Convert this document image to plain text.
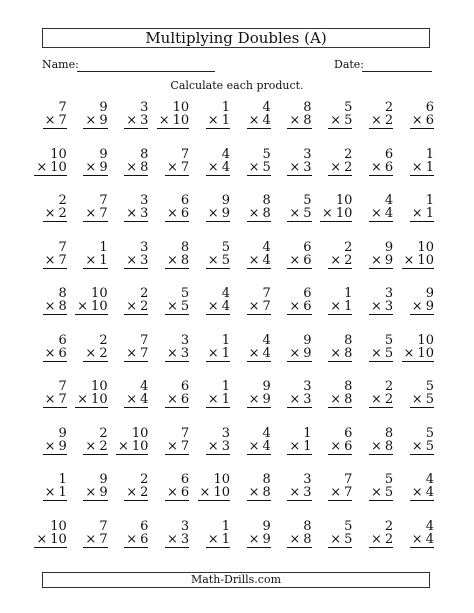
Multiplying Doubles (A)
Name:	Date:
Calculate each product.
7
× 7
9
× 9
3
× 3
10
× 10
1
× 1
4
× 4
8
× 8
5
× 5
2
× 2
6
× 6
10
× 10
9
× 9
8
× 8
7
× 7
4
× 4
5
× 5
3
× 3
2
× 2
6
× 6
1
× 1
2
× 2
7
× 7
3
× 3
6
× 6
9
× 9
8
× 8
5
× 5
10
× 10
4
× 4
1
× 1
7
× 7
1
× 1
3
× 3
8
× 8
5
× 5
4
× 4
6
× 6
2
× 2
9
× 9
10
× 10
8
× 8
10
× 10
2
× 2
5
× 5
4
× 4
7
× 7
6
× 6
1
× 1
3
× 3
9
× 9
6
× 6
2
× 2
7
× 7
3
× 3
1
× 1
4
× 4
9
× 9
8
× 8
5
× 5
10
× 10
7
× 7
10
× 10
4
× 4
6
× 6
1
× 1
9
× 9
3
× 3
8
× 8
2
× 2
5
× 5
9
× 9
2
× 2
10
× 10
7
× 7
3
× 3
4
× 4
1
× 1
6
× 6
8
× 8
5
× 5
1
× 1
9
× 9
2
× 2
6
× 6
10
× 10
8
× 8
3
× 3
7
× 7
5
× 5
4
× 4
10
× 10
7
× 7
6
× 6
3
× 3
1
× 1
9
× 9
8
× 8
5
× 5
2
× 2
4
× 4
Math-Drills.com
